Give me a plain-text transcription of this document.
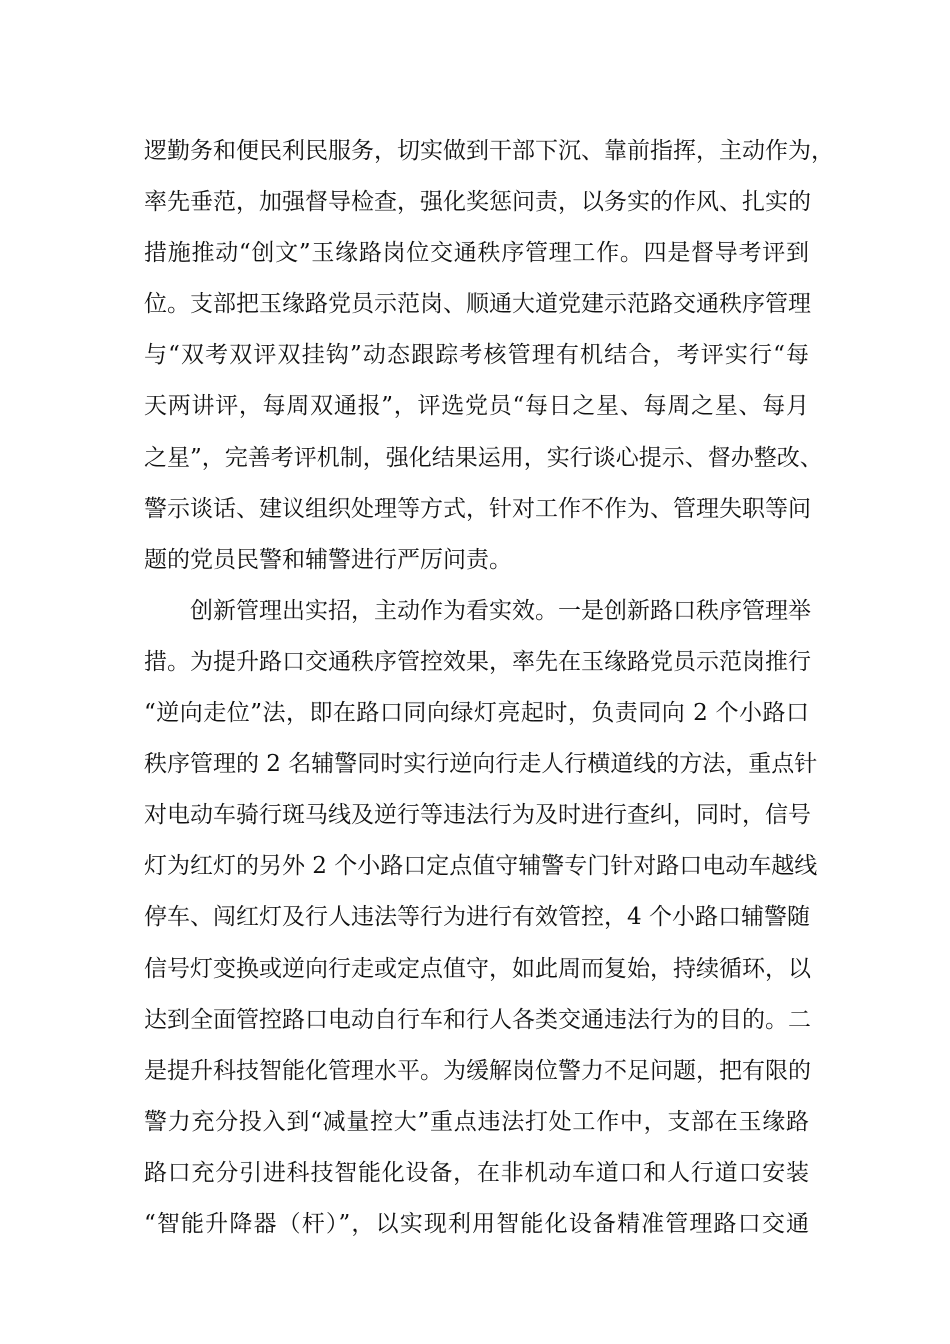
逻勤务和便民利民服务，切实做到干部下沉、靠前指挥，主动作为，
率先垂范，加强督导检查，强化奖惩问责，以务实的作风、扎实的
措施推动“创文”玉缘路岗位交通秩序管理工作。四是督导考评到
位。支部把玉缘路党员示范岗、顺通大道党建示范路交通秩序管理
与“双考双评双挂钩”动态跟踪考核管理有机结合，考评实行“每
天两讲评，每周双通报”，评选党员“每日之星、每周之星、每月
之星”，完善考评机制，强化结果运用，实行谈心提示、督办整改、
警示谈话、建议组织处理等方式，针对工作不作为、管理失职等问
题的党员民警和辅警进行严厉问责。
创新管理出实招，主动作为看实效。一是创新路口秩序管理举
措。为提升路口交通秩序管控效果，率先在玉缘路党员示范岗推行
“逆向走位”法，即在路口同向绿灯亮起时，负责同向 2 个小路口
秩序管理的 2 名辅警同时实行逆向行走人行横道线的方法，重点针
对电动车骑行斑马线及逆行等违法行为及时进行查纠，同时，信号
灯为红灯的另外 2 个小路口定点值守辅警专门针对路口电动车越线
停车、闯红灯及行人违法等行为进行有效管控，4 个小路口辅警随
信号灯变换或逆向行走或定点值守，如此周而复始，持续循环，以
达到全面管控路口电动自行车和行人各类交通违法行为的目的。二
是提升科技智能化管理水平。为缓解岗位警力不足问题，把有限的
警力充分投入到“减量控大”重点违法打处工作中，支部在玉缘路
路口充分引进科技智能化设备，在非机动车道口和人行道口安装
“智能升降器（杆）”，以实现利用智能化设备精准管理路口交通
